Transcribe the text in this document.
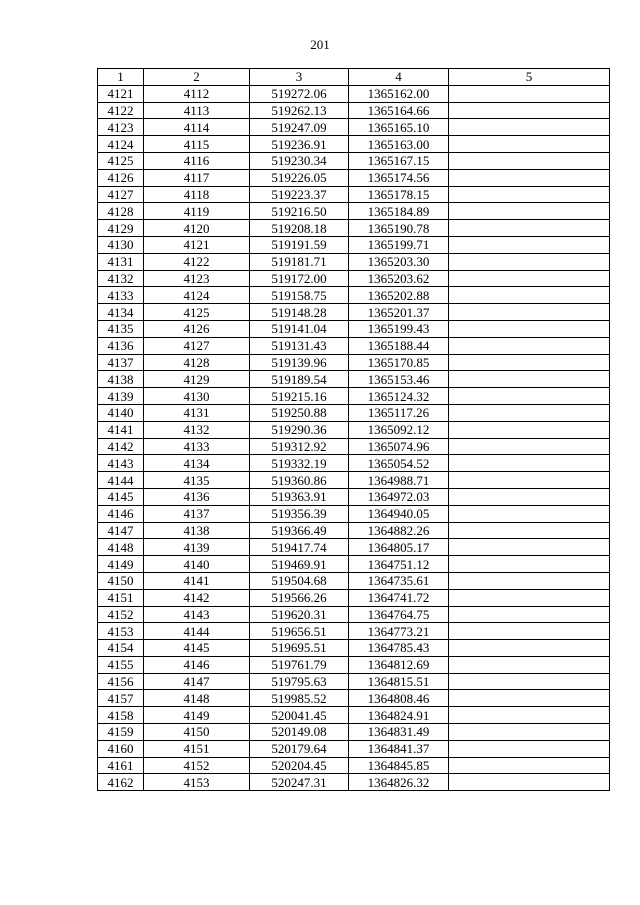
201
1	2	3	4	5
4121	4112	519272.06	1365162.00	
4122	4113	519262.13	1365164.66	
4123	4114	519247.09	1365165.10	
4124	4115	519236.91	1365163.00	
4125	4116	519230.34	1365167.15	
4126	4117	519226.05	1365174.56	
4127	4118	519223.37	1365178.15	
4128	4119	519216.50	1365184.89	
4129	4120	519208.18	1365190.78	
4130	4121	519191.59	1365199.71	
4131	4122	519181.71	1365203.30	
4132	4123	519172.00	1365203.62	
4133	4124	519158.75	1365202.88	
4134	4125	519148.28	1365201.37	
4135	4126	519141.04	1365199.43	
4136	4127	519131.43	1365188.44	
4137	4128	519139.96	1365170.85	
4138	4129	519189.54	1365153.46	
4139	4130	519215.16	1365124.32	
4140	4131	519250.88	1365117.26	
4141	4132	519290.36	1365092.12	
4142	4133	519312.92	1365074.96	
4143	4134	519332.19	1365054.52	
4144	4135	519360.86	1364988.71	
4145	4136	519363.91	1364972.03	
4146	4137	519356.39	1364940.05	
4147	4138	519366.49	1364882.26	
4148	4139	519417.74	1364805.17	
4149	4140	519469.91	1364751.12	
4150	4141	519504.68	1364735.61	
4151	4142	519566.26	1364741.72	
4152	4143	519620.31	1364764.75	
4153	4144	519656.51	1364773.21	
4154	4145	519695.51	1364785.43	
4155	4146	519761.79	1364812.69	
4156	4147	519795.63	1364815.51	
4157	4148	519985.52	1364808.46	
4158	4149	520041.45	1364824.91	
4159	4150	520149.08	1364831.49	
4160	4151	520179.64	1364841.37	
4161	4152	520204.45	1364845.85	
4162	4153	520247.31	1364826.32	
